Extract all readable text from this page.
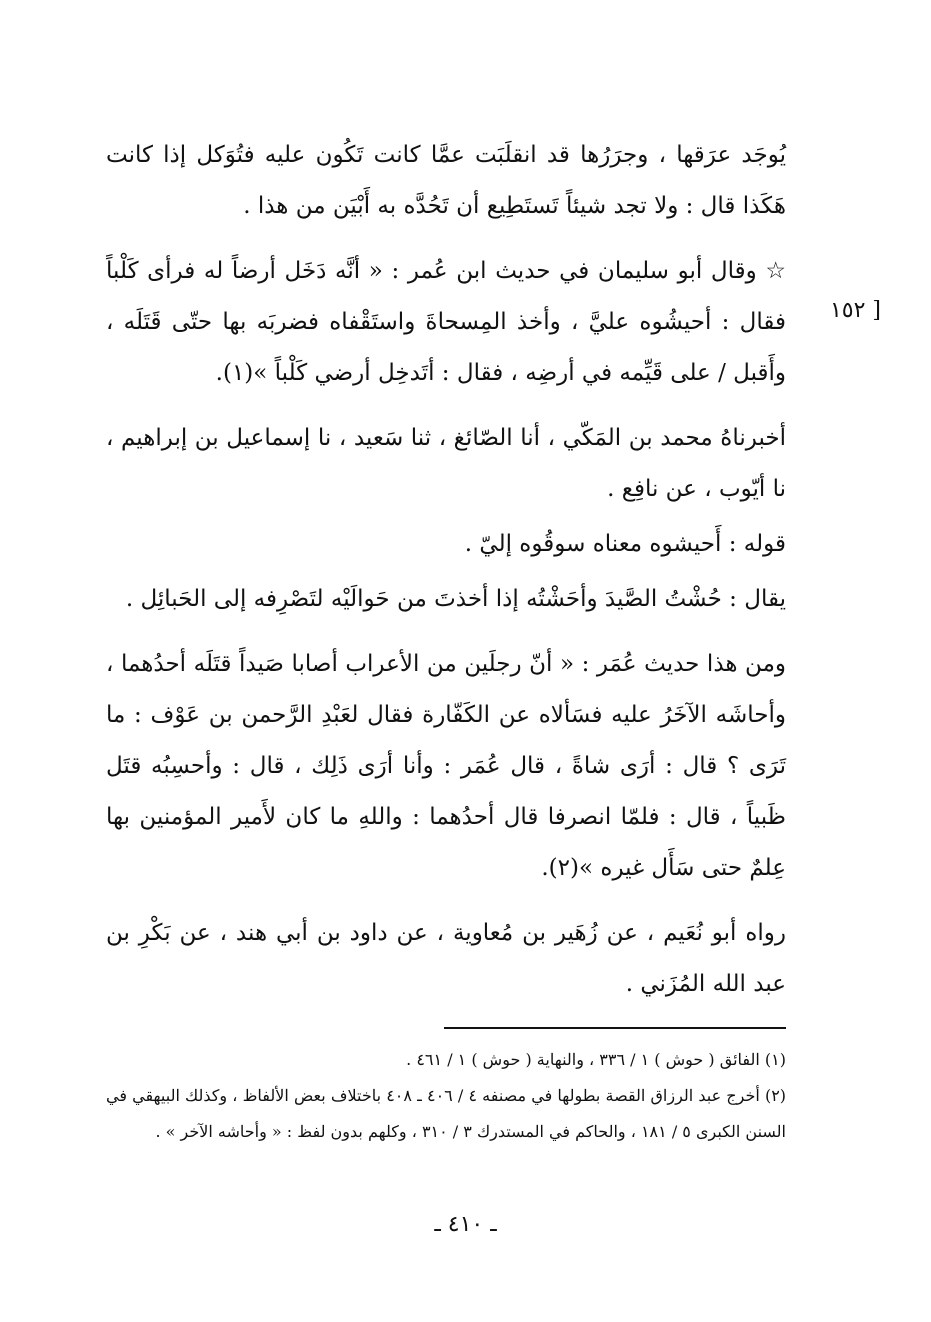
يُوجَد عرَقها ، وجرَرُها قد انقلَبَت عمَّا كانت تَكُون عليه فتُوَكل إذا كانت هَكَذا قال : ولا تجد شيئاً تَستَطِيع أن تَحُدَّه به أَبْيَن من هذا .

☆ وقال أبو سليمان في حديث ابن عُمر : « أنَّه دَخَل أرضاً له فرأى كَلْباً فقال : أحيشُوه عليَّ ، وأخذ المِسحاةَ واستَقْفاه فضربَه بها حتّى قَتَلَه ، وأَقبل / على قَيِّمه في أرضِه ، فقال : أتَدخِل أرضي كَلْباً »(١).

أخبرناهُ محمد بن المَكّي ، أنا الصّائغ ، ثنا سَعيد ، نا إسماعيل بن إبراهيم ، نا أيّوب ، عن نافِع .

قوله : أَحيشوه معناه سوقُوه إليّ .

يقال : حُشْتُ الصَّيدَ وأحَشْتُه إذا أخذتَ من حَوالَيْه لتَصْرِفه إلى الحَبائِل .

ومن هذا حديث عُمَر : « أنّ رجلَين من الأعراب أصابا صَيداً قتَلَه أحدُهما ، وأحاشَه الآخَرُ عليه فسَألاه عن الكَفّارة فقال لعَبْدِ الرَّحمن بن عَوْف : ما تَرَى ؟ قال : أرَى شاةً ، قال عُمَر : وأنا أرَى ذَلِك ، قال : وأحسِبُه قتَل ظَبياً ، قال : فلمّا انصرفا قال أحدُهما : واللهِ ما كان لأَمير المؤمنين بها عِلمٌ حتى سَأَل غيره »(٢).

رواه أبو نُعَيم ، عن زُهَير بن مُعاوية ، عن داود بن أبي هند ، عن بَكْرِ بن عبد الله المُزَني .

[ ١٥٢

(١) الفائق ( حوش ) ١ / ٣٣٦ ، والنهاية ( حوش ) ١ / ٤٦١ .

(٢) أخرج عبد الرزاق القصة بطولها في مصنفه ٤ / ٤٠٦ ـ ٤٠٨ باختلاف بعض الألفاظ ، وكذلك البيهقي في السنن الكبرى ٥ / ١٨١ ، والحاكم في المستدرك ٣ / ٣١٠ ، وكلهم بدون لفظ : « وأحاشه الآخر » .

ـ ٤١٠ ـ
